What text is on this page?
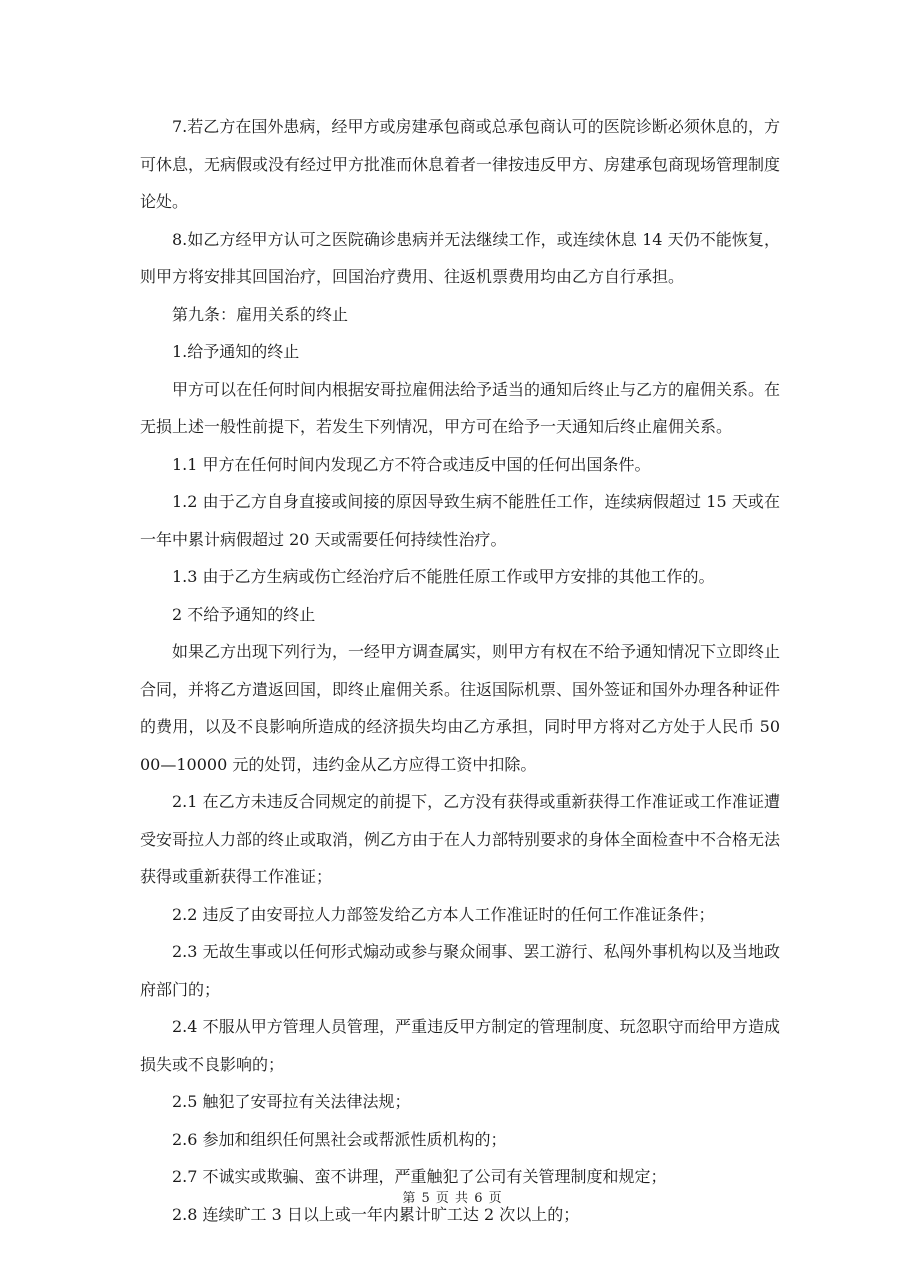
7.若乙方在国外患病，经甲方或房建承包商或总承包商认可的医院诊断必须休息的，方可休息，无病假或没有经过甲方批准而休息着者一律按违反甲方、房建承包商现场管理制度论处。

8.如乙方经甲方认可之医院确诊患病并无法继续工作，或连续休息 14 天仍不能恢复，则甲方将安排其回国治疗，回国治疗费用、往返机票费用均由乙方自行承担。

第九条：雇用关系的终止

1.给予通知的终止

甲方可以在任何时间内根据安哥拉雇佣法给予适当的通知后终止与乙方的雇佣关系。在无损上述一般性前提下，若发生下列情况，甲方可在给予一天通知后终止雇佣关系。

1.1 甲方在任何时间内发现乙方不符合或违反中国的任何出国条件。

1.2 由于乙方自身直接或间接的原因导致生病不能胜任工作，连续病假超过 15 天或在一年中累计病假超过 20 天或需要任何持续性治疗。

1.3 由于乙方生病或伤亡经治疗后不能胜任原工作或甲方安排的其他工作的。

2 不给予通知的终止

如果乙方出现下列行为，一经甲方调查属实，则甲方有权在不给予通知情况下立即终止合同，并将乙方遣返回国，即终止雇佣关系。往返国际机票、国外签证和国外办理各种证件的费用，以及不良影响所造成的经济损失均由乙方承担，同时甲方将对乙方处于人民币 5000—10000 元的处罚，违约金从乙方应得工资中扣除。

2.1 在乙方未违反合同规定的前提下，乙方没有获得或重新获得工作准证或工作准证遭受安哥拉人力部的终止或取消，例乙方由于在人力部特别要求的身体全面检查中不合格无法获得或重新获得工作准证；

2.2 违反了由安哥拉人力部签发给乙方本人工作准证时的任何工作准证条件；

2.3 无故生事或以任何形式煽动或参与聚众闹事、罢工游行、私闯外事机构以及当地政府部门的；

2.4 不服从甲方管理人员管理，严重违反甲方制定的管理制度、玩忽职守而给甲方造成损失或不良影响的；

2.5 触犯了安哥拉有关法律法规；

2.6 参加和组织任何黑社会或帮派性质机构的；

2.7 不诚实或欺骗、蛮不讲理，严重触犯了公司有关管理制度和规定；

2.8 连续旷工 3 日以上或一年内累计旷工达 2 次以上的；

第 5 页 共 6 页
